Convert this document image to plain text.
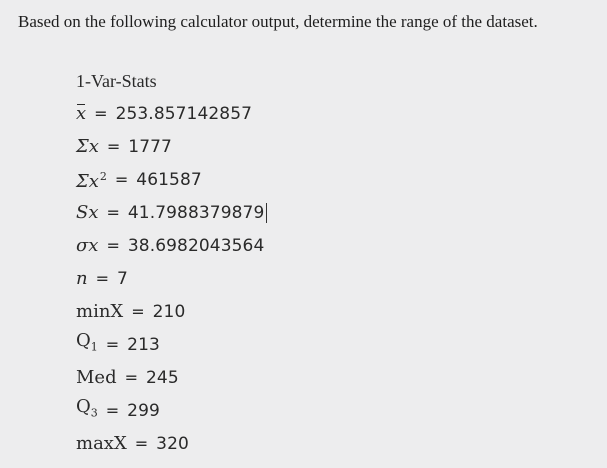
Based on the following calculator output, determine the range of the dataset.
1-Var-Stats
x = 253.857142857
Σx = 1777
$\Sigma x^2 = 461587$
Sx = 41.7988379879
σx = 38.6982043564
n = 7
minX = 210
$Q_1 = 213$
Med = 245
$Q_3 = 299$
maxX = 320
